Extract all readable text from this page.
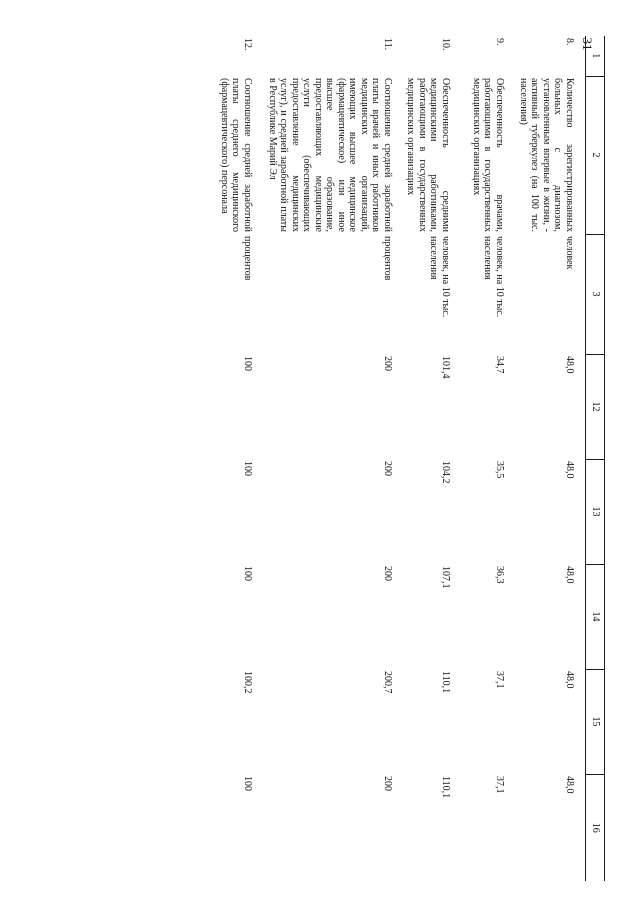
31
1	2	3	12	13	14	15	16
8.	Количество зарегистрированных больных с диагнозом, установленным впервые в жизни, - активный туберкулез (на 100 тыс. населения)	человек	48,0	48,0	48,0	48,0	48,0
9.	Обеспеченность врачами, работающими в государственных медицинских организациях	человек, на 10 тыс. населения	34,7	35,5	36,3	37,1	37,1
10.	Обеспеченность средними медицинскими работниками, работающими в государственных медицинских организациях	человек, на 10 тыс. населения	101,4	104,2	107,1	110,1	110,1
11.	Соотношение средней заработной платы врачей и иных работников медицинских организаций, имеющих высшее медицинское (фармацевтическое) или иное высшее образование, предоставляющих медицинские услуги (обеспечивающих предоставление медицинских услуг), и средней заработной платы в Республике Марий Эл	процентов	200	200	200	200,7	200
12.	Соотношение средней заработной платы среднего медицинского (фармацевтического) персонала	процентов	100	100	100	100,2	100
